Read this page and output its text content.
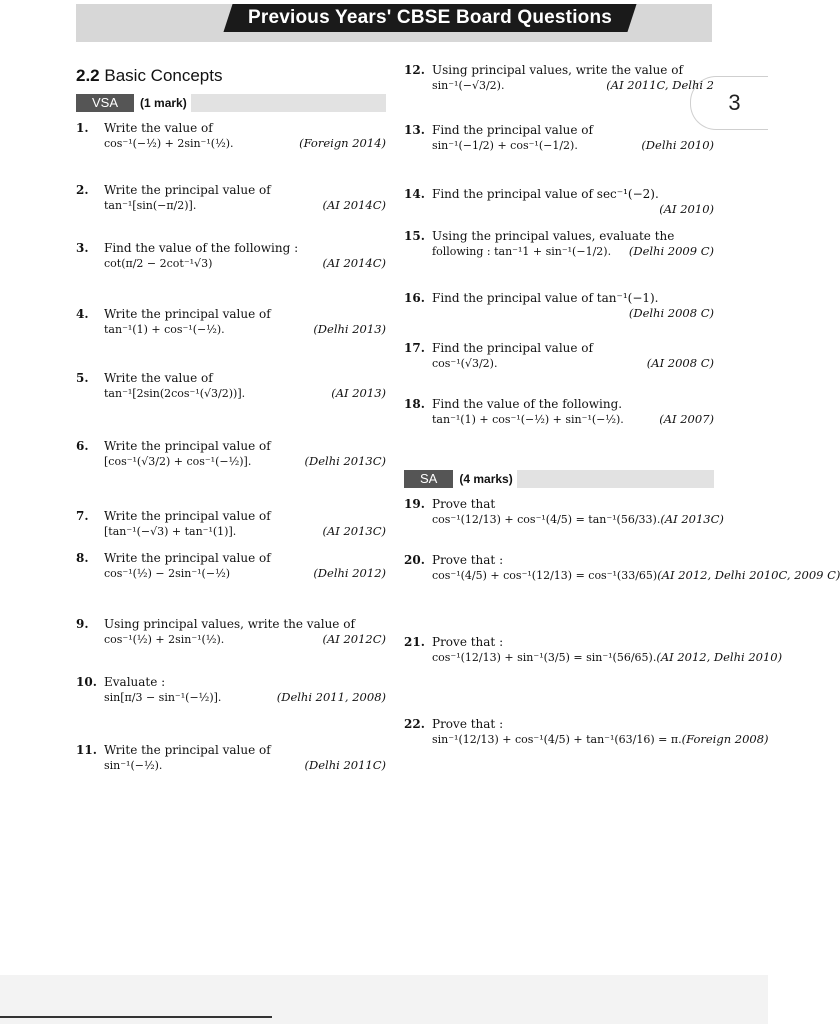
Previous Years' CBSE Board Questions
3
2.2 Basic Concepts
VSA	(1 mark)
1.	Write the value of
cos⁻¹(−½) + 2sin⁻¹(½).	(Foreign 2014)
2.	Write the principal value of
tan⁻¹[sin(−π/2)].	(AI 2014C)
3.	Find the value of the following :
cot(π/2 − 2cot⁻¹√3)	(AI 2014C)
4.	Write the principal value of
tan⁻¹(1) + cos⁻¹(−½).	(Delhi 2013)
5.	Write the value of
tan⁻¹[2sin(2cos⁻¹(√3/2))].	(AI 2013)
6.	Write the principal value of
[cos⁻¹(√3/2) + cos⁻¹(−½)].	(Delhi 2013C)
7.	Write the principal value of
[tan⁻¹(−√3) + tan⁻¹(1)].	(AI 2013C)
8.	Write the principal value of
cos⁻¹(½) − 2sin⁻¹(−½)	(Delhi 2012)
9.	Using principal values, write the value of
cos⁻¹(½) + 2sin⁻¹(½).	(AI 2012C)
10. Evaluate :
sin[π/3 − sin⁻¹(−½)].	(Delhi 2011, 2008)
11. Write the principal value of
sin⁻¹(−½).	(Delhi 2011C)
12. Using principal values, write the value of
sin⁻¹(−√3/2).	(AI 2011C, Delhi 2
13. Find the principal value of
sin⁻¹(−1/2) + cos⁻¹(−1/2).	(Delhi 2010)
14. Find the principal value of sec⁻¹(−2).
(AI 2010)
15. Using the principal values, evaluate the
following : tan⁻¹1 + sin⁻¹(−1/2). (Delhi 2009 C)
16. Find the principal value of tan⁻¹(−1).
(Delhi 2008 C)
17. Find the principal value of
cos⁻¹(√3/2).	(AI 2008 C)
18. Find the value of the following.
tan⁻¹(1) + cos⁻¹(−½) + sin⁻¹(−½).	(AI 2007)
SA	(4 marks)
19. Prove that
cos⁻¹(12/13) + cos⁻¹(4/5) = tan⁻¹(56/33). (AI 2013C)
20. Prove that :
cos⁻¹(4/5) + cos⁻¹(12/13) = cos⁻¹(33/65) (AI 2012, Delhi 2010C, 2009 C)
21. Prove that :
cos⁻¹(12/13) + sin⁻¹(3/5) = sin⁻¹(56/65). (AI 2012, Delhi 2010)
22. Prove that :
sin⁻¹(12/13) + cos⁻¹(4/5) + tan⁻¹(63/16) = π. (Foreign 2008)
